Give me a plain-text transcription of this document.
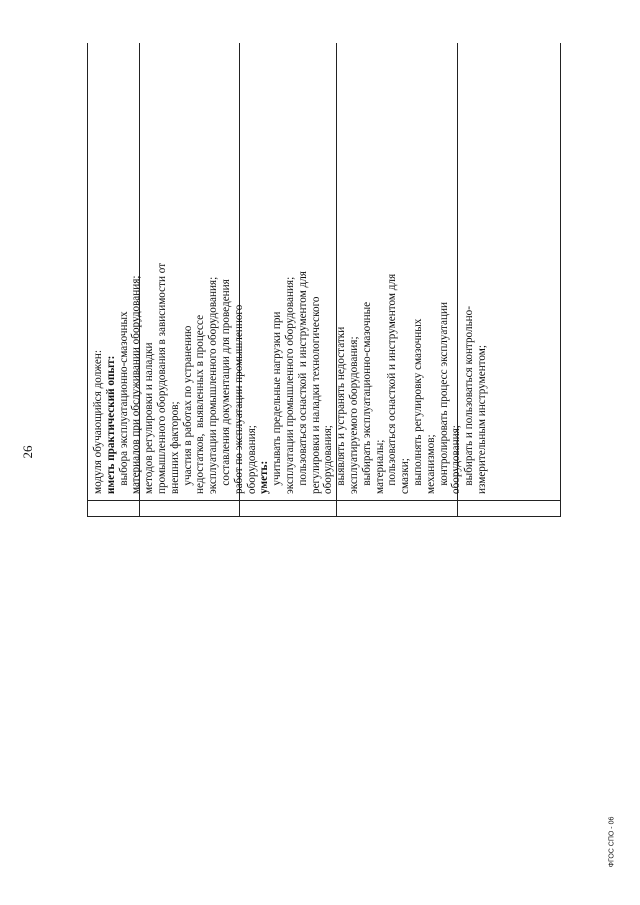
26	модуля обучающийся должен: иметь практический опыт: выбора эксплуатационно-смазочных материалов при обслуживании оборудования; методов регулировки и наладки промышленного оборудования в зависимости от внешних факторов; участия в работах по устранению недостатков,  выявленных в процессе эксплуатации промышленного оборудования; составления документации для проведения работ по эксплуатации промышленного оборудования; уметь: учитывать предельные нагрузки при эксплуатации промышленного оборудования; пользоваться оснасткой  и инструментом для регулировки и наладки технологического оборудования; выявлять и устранять недостатки эксплуатируемого оборудования; выбирать эксплуатационно-смазочные материалы; пользоваться оснасткой и инструментом для смазки; выполнять регулировку смазочных механизмов; контролировать процесс эксплуатации оборудования; выбирать и пользоваться контрольно- измерительным инструментом;
ФГОС СПО - 06
